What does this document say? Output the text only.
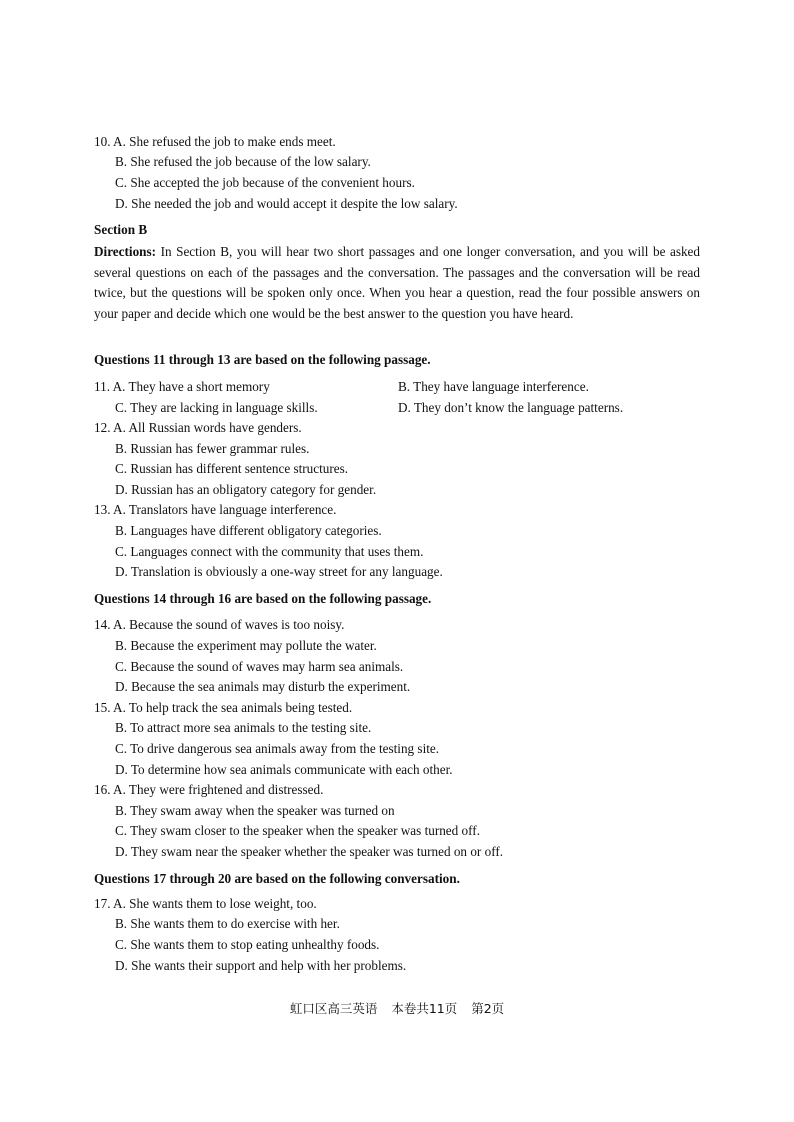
10. A. She refused the job to make ends meet.
B. She refused the job because of the low salary.
C. She accepted the job because of the convenient hours.
D. She needed the job and would accept it despite the low salary.
Section B
Directions: In Section B, you will hear two short passages and one longer conversation, and you will be asked several questions on each of the passages and the conversation. The passages and the conversation will be read twice, but the questions will be spoken only once. When you hear a question, read the four possible answers on your paper and decide which one would be the best answer to the question you have heard.
Questions 11 through 13 are based on the following passage.
11. A. They have a short memory	B. They have language interference.
C. They are lacking in language skills.	D. They don’t know the language patterns.
12. A. All Russian words have genders.
B. Russian has fewer grammar rules.
C. Russian has different sentence structures.
D. Russian has an obligatory category for gender.
13. A. Translators have language interference.
B. Languages have different obligatory categories.
C. Languages connect with the community that uses them.
D. Translation is obviously a one-way street for any language.
Questions 14 through 16 are based on the following passage.
14. A. Because the sound of waves is too noisy.
B. Because the experiment may pollute the water.
C. Because the sound of waves may harm sea animals.
D. Because the sea animals may disturb the experiment.
15. A. To help track the sea animals being tested.
B. To attract more sea animals to the testing site.
C. To drive dangerous sea animals away from the testing site.
D. To determine how sea animals communicate with each other.
16. A. They were frightened and distressed.
B. They swam away when the speaker was turned on
C. They swam closer to the speaker when the speaker was turned off.
D. They swam near the speaker whether the speaker was turned on or off.
Questions 17 through 20 are based on the following conversation.
17. A. She wants them to lose weight, too.
B. She wants them to do exercise with her.
C. She wants them to stop eating unhealthy foods.
D. She wants their support and help with her problems.
虹口区高三英语 本卷共11页 第2页
